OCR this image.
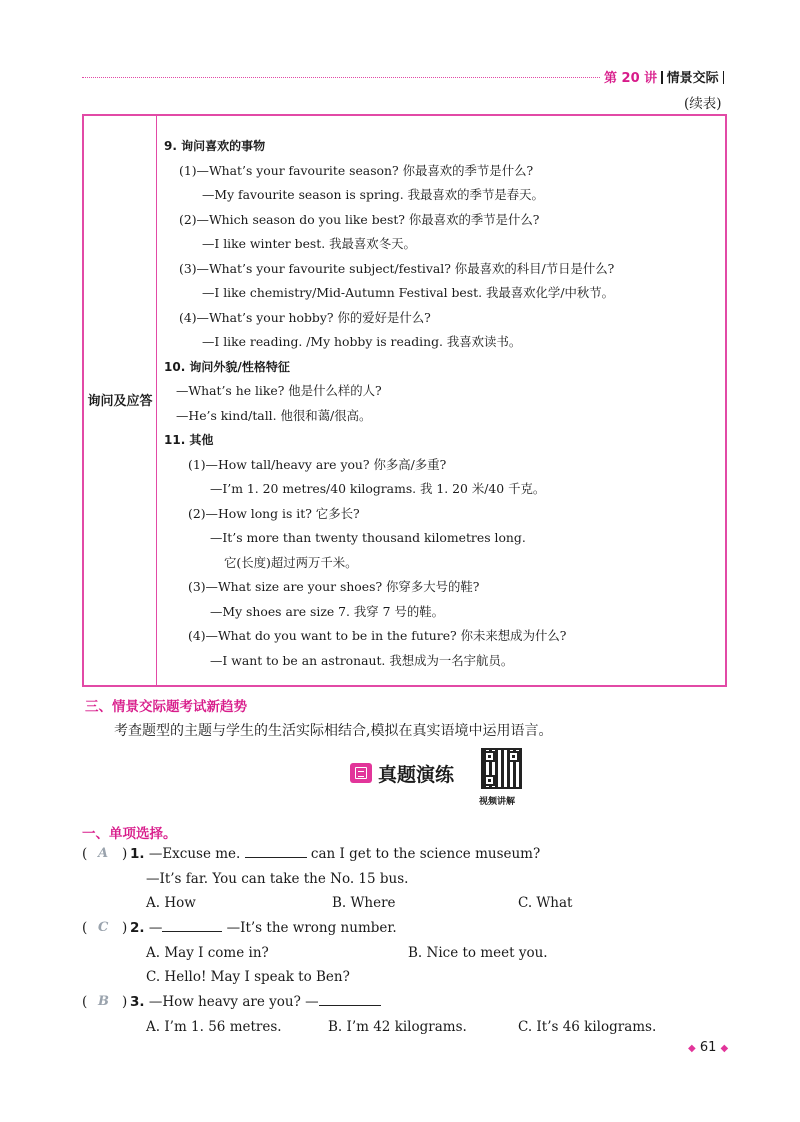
第 20 讲 情景交际
(续表)
询问及应答
9. 询问喜欢的事物
(1)—What’s your favourite season? 你最喜欢的季节是什么?
—My favourite season is spring. 我最喜欢的季节是春天。
(2)—Which season do you like best? 你最喜欢的季节是什么?
—I like winter best. 我最喜欢冬天。
(3)—What’s your favourite subject/festival? 你最喜欢的科目/节日是什么?
—I like chemistry/Mid-Autumn Festival best. 我最喜欢化学/中秋节。
(4)—What’s your hobby? 你的爱好是什么?
—I like reading. /My hobby is reading. 我喜欢读书。
10. 询问外貌/性格特征
—What’s he like? 他是什么样的人?
—He’s kind/tall. 他很和蔼/很高。
11. 其他
(1)—How tall/heavy are you? 你多高/多重?
—I’m 1. 20 metres/40 kilograms. 我 1. 20 米/40 千克。
(2)—How long is it? 它多长?
—It’s more than twenty thousand kilometres long.
它(长度)超过两万千米。
(3)—What size are your shoes? 你穿多大号的鞋?
—My shoes are size 7. 我穿 7 号的鞋。
(4)—What do you want to be in the future? 你未来想成为什么?
—I want to be an astronaut. 我想成为一名宇航员。
三、情景交际题考试新趋势
考查题型的主题与学生的生活实际相结合,模拟在真实语境中运用语言。
真题演练
视频讲解
一、单项选择。
( A ) 1. —Excuse me.	can I get to the science museum?
—It’s far. You can take the No. 15 bus.
A. How	B. Where	C. What
( C ) 2. —	—It’s the wrong number.
A. May I come in?	B. Nice to meet you.
C. Hello! May I speak to Ben?
( B ) 3. —How heavy are you? —
A. I’m 1. 56 metres.	B. I’m 42 kilograms.	C. It’s 46 kilograms.
◆ 61 ◆
